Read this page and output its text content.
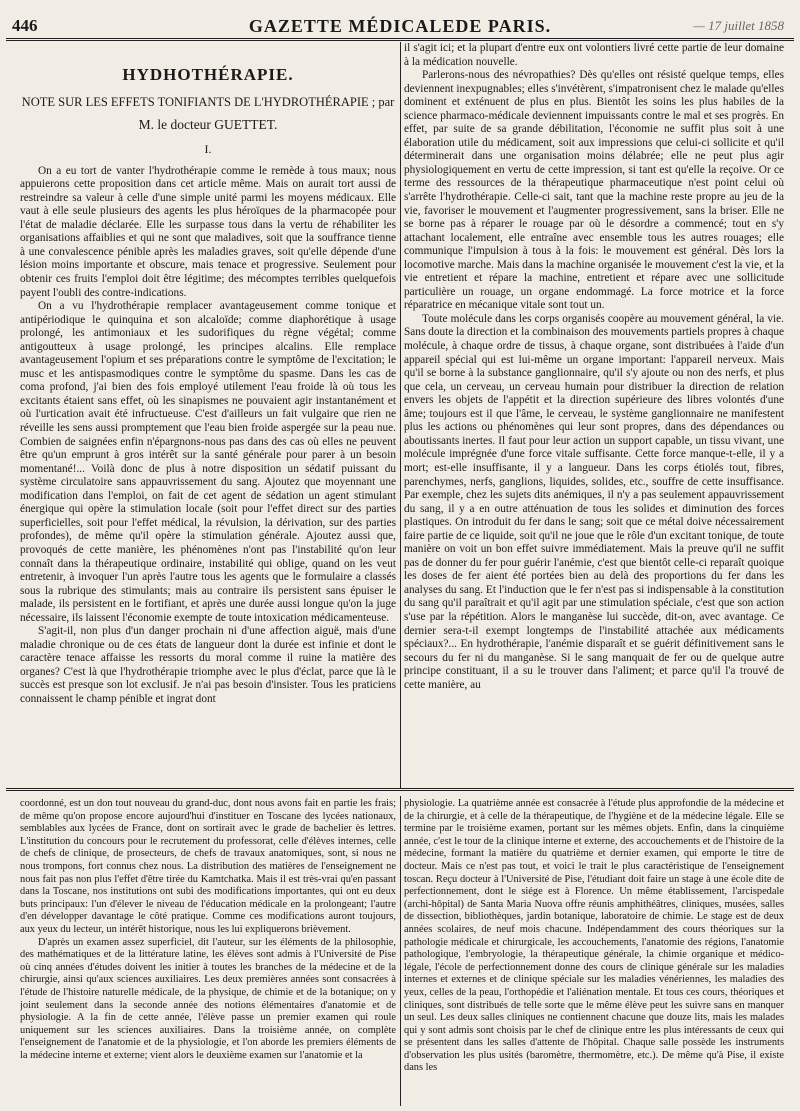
446	GAZETTE MÉDICALEDE PARIS.	— 17 juillet 1858
HYDHOTHÉRAPIE.
NOTE SUR LES EFFETS TONIFIANTS DE L'HYDROTHÉRAPIE ; par
M. le docteur GUETTET.
I.

On a eu tort de vanter l'hydrothérapie comme le remède à tous maux; nous appuierons cette proposition dans cet article même. Mais on aurait tort aussi de restreindre sa valeur à celle d'une simple unité parmi les moyens médicaux. Elle vaut à elle seule plusieurs des agents les plus héroïques de la pharmacopée pour l'état de maladie déclarée. Elle les surpasse tous dans la vertu de réhabiliter les organisations affaiblies et qui ne sont que maladives, soit que la souffrance tienne à une convalescence pénible après les maladies graves, soit qu'elle dépende d'une lésion moins importante et obscure, mais tenace et progressive. Seulement pour obtenir ces fruits l'emploi doit être légitime; des mécomptes terribles quelquefois payent l'oubli des contre-indications.

On a vu l'hydrothérapie remplacer avantageusement comme tonique et antipériodique le quinquina et son alcaloïde; comme diaphorétique à usage prolongé, les antimoniaux et les sudorifiques du règne végétal; comme antigoutteux à usage prolongé, les principes alcalins. Elle remplace avantageusement l'opium et ses préparations contre le symptôme de l'excitation; le musc et les antispasmodiques contre le symptôme du spasme. Dans les cas de coma profond, j'ai bien des fois employé utilement l'eau froide là où tous les excitants étaient sans effet, où les sinapismes ne pouvaient agir instantanément et où l'urtication avait été infructueuse. C'est d'ailleurs un fait vulgaire que rien ne réveille les sens aussi promptement que l'eau bien froide aspergée sur la peau nue. Combien de saignées enfin n'épargnons-nous pas dans des cas où elles ne peuvent être qu'un emprunt à gros intérêt sur la santé générale pour parer à un besoin momentané!... Voilà donc de plus à notre disposition un sédatif puissant du système circulatoire sans appauvrissement du sang. Ajoutez que moyennant une modification dans l'emploi, on fait de cet agent de sédation un agent stimulant énergique qui opère la stimulation locale (soit pour l'effet direct sur des parties superficielles, soit pour l'effet médical, la révulsion, la dérivation, sur des parties profondes), de même qu'il opère la stimulation générale. Ajoutez aussi que, provoqués de cette manière, les phénomènes n'ont pas l'instabilité qu'on leur connaît dans la thérapeutique ordinaire, instabilité qui oblige, quand on les veut entretenir, à invoquer l'un après l'autre tous les agents que le formulaire a classés sous la rubrique des stimulants; mais au contraire ils persistent sans épuiser le malade, ils persistent en le fortifiant, et après une durée aussi longue qu'on la juge nécessaire, ils laissent l'économie exempte de toute intoxication médicamenteuse.

S'agit-il, non plus d'un danger prochain ni d'une affection aiguë, mais d'une maladie chronique ou de ces états de langueur dont la durée est infinie et dont le caractère tenace affaisse les ressorts du moral comme il ruine la matière des organes? C'est là que l'hydrothérapie triomphe avec le plus d'éclat, parce que là le succès est presque son lot exclusif. Je n'ai pas besoin d'insister. Tous les praticiens connaissent le champ pénible et ingrat dont

il s'agit ici; et la plupart d'entre eux ont volontiers livré cette partie de leur domaine à la médication nouvelle.

Parlerons-nous des névropathies? Dès qu'elles ont résisté quelque temps, elles deviennent inexpugnables; elles s'invétèrent, s'impatronisent chez le malade qu'elles dominent et exténuent de plus en plus. Bientôt les soins les plus habiles de la science pharmaco-médicale deviennent impuissants contre le mal et ses progrès. En effet, par suite de sa grande débilitation, l'économie ne suffit plus soit à une élaboration utile du médicament, soit aux impressions que celui-ci sollicite et qu'il déterminerait dans une organisation moins délabrée; elle ne peut plus agir physiologiquement en vertu de cette impression, si tant est qu'elle la reçoive. Or ce terme des ressources de la thérapeutique pharmaceutique n'est point celui où s'arrête l'hydrothérapie. Celle-ci sait, tant que la machine reste propre au jeu de la vie, favoriser le mouvement et l'augmenter progressivement, sans la briser. Elle ne se borne pas à réparer le rouage par où le désordre a commencé; tout en s'y attachant localement, elle entraîne avec ensemble tous les autres rouages; elle communique l'impulsion à tous à la fois: le mouvement est général. Dès lors la locomotive marche. Mais dans la machine organisée le mouvement c'est la vie, et la vie entretient et répare la machine, entretient et répare avec une sollicitude particulière un rouage, un organe endommagé. La force motrice et la force réparatrice en mécanique vitale sont tout un.

Toute molécule dans les corps organisés coopère au mouvement général, la vie. Sans doute la direction et la combinaison des mouvements partiels propres à chaque molécule, à chaque ordre de tissus, à chaque organe, sont distribuées à l'aide d'un appareil spécial qui est lui-même un organe important: l'appareil nerveux. Mais qu'il se borne à la substance ganglionnaire, qu'il s'y ajoute ou non des nerfs, et plus que cela, un cerveau, un cerveau humain pour distribuer la direction de relation envers les objets de l'appétit et la direction supérieure des libres volontés d'une âme; toujours est il que l'âme, le cerveau, le système ganglionnaire ne manifestent plus les actions ou phénomènes qui leur sont propres, dans des dépendances ou aboutissants inertes. Il faut pour leur action un support capable, un tissu vivant, une molécule imprégnée d'une force vitale suffisante. Cette force manque-t-elle, il y a mort; est-elle insuffisante, il y a langueur. Dans les corps étiolés tout, fibres, parenchymes, nerfs, ganglions, liquides, solides, etc., souffre de cette insuffisance. Par exemple, chez les sujets dits anémiques, il n'y a pas seulement appauvrissement du sang, il y a en outre atténuation de tous les solides et diminution des forces plastiques. On introduit du fer dans le sang; soit que ce métal doive nécessairement faire partie de ce liquide, soit qu'il ne joue que le rôle d'un excitant tonique, de toute manière on voit un bon effet suivre immédiatement. Mais la preuve qu'il ne suffit pas de donner du fer pour guérir l'anémie, c'est que bientôt celle-ci reparaît quoique les doses de fer aient été portées bien au delà des proportions du fer dans les analyses du sang. Et l'induction que le fer n'est pas si indispensable à la constitution du sang qu'il paraîtrait et qu'il agit par une stimulation spéciale, c'est que son action s'use par la répétition. Alors le manganèse lui succède, dit-on, avec avantage. Ce dernier sera-t-il exempt longtemps de l'instabilité attachée aux médicaments spéciaux?... En hydrothérapie, l'anémie disparaît et se guérit définitivement sans le secours du fer ni du manganèse. Si le sang manquait de fer ou de quelque autre principe constituant, il a su le trouver dans l'aliment; et parce qu'il l'a trouvé de cette manière, au

coordonné, est un don tout nouveau du grand-duc, dont nous avons fait en partie les frais; de même qu'on propose encore aujourd'hui d'instituer en Toscane des lycées nationaux, semblables aux lycées de France, dont on sortirait avec le grade de bachelier ès lettres. L'institution du concours pour le recrutement du professorat, celle d'élèves internes, celle de chefs de clinique, de prosecteurs, de chefs de travaux anatomiques, sont, si nous ne nous trompons, fort connus chez nous. La distribution des matières de l'enseignement ne nous fait pas non plus l'effet d'être tirée du Kamtchatka. Mais il est très-vrai qu'en passant dans la Toscane, nos institutions ont subi des modifications importantes, qui ont eu deux buts principaux: l'un d'élever le niveau de l'éducation médicale en la prolongeant; l'autre d'en développer davantage le côté pratique. Comme ces modifications auront toujours, aux yeux du lecteur, un intérêt historique, nous les lui expliquerons brièvement.

D'après un examen assez superficiel, dit l'auteur, sur les éléments de la philosophie, des mathématiques et de la littérature latine, les élèves sont admis à l'Université de Pise où cinq années d'études doivent les initier à toutes les branches de la médecine et de la chirurgie, ainsi qu'aux sciences auxiliaires. Les deux premières années sont consacrées à l'étude de l'histoire naturelle médicale, de la physique, de chimie et de la botanique; on y joint seulement dans la seconde année des notions élémentaires d'anatomie et de physiologie. A la fin de cette année, l'élève passe un premier examen qui roule uniquement sur les sciences auxiliaires. Dans la troisième année, on complète l'enseignement de l'anatomie et de la physiologie, et l'on aborde les premiers éléments de la médecine interne et externe; vient alors le deuxième examen sur l'anatomie et la

physiologie. La quatrième année est consacrée à l'étude plus approfondie de la médecine et de la chirurgie, et à celle de la thérapeutique, de l'hygiène et de la médecine légale. Elle se termine par le troisième examen, portant sur les mêmes objets. Enfin, dans la cinquième année, c'est le tour de la clinique interne et externe, des accouchements et de l'histoire de la médecine, formant la matière du quatrième et dernier examen, qui emporte le titre de docteur. Mais ce n'est pas tout, et voici le trait le plus caractéristique de l'enseignement toscan. Reçu docteur à l'Université de Pise, l'étudiant doit faire un stage à une école dite de perfectionnement, dont le siége est à Florence. Un même établissement, l'arcispedale (archi-hôpital) de Santa Maria Nuova offre réunis amphithéâtres, cliniques, musées, salles de dissection, bibliothèques, jardin botanique, laboratoire de chimie. Le stage est de deux années scolaires, de neuf mois chacune. Indépendamment des cours théoriques sur la pathologie médicale et chirurgicale, les accouchements, l'anatomie des régions, l'anatomie pathologique, l'embryologie, la thérapeutique générale, la chimie organique et médico-légale, l'école de perfectionnement donne des cours de clinique générale sur les maladies internes et externes et de clinique spéciale sur les maladies vénériennes, les maladies des yeux, celles de la peau, l'orthopédie et l'aliénation mentale. Et tous ces cours, théoriques et cliniques, sont distribués de telle sorte que le même élève peut les suivre sans en manquer un seul. Les deux salles cliniques ne contiennent chacune que douze lits, mais les malades qui y sont admis sont choisis par le chef de clinique entre les plus intéressants de ceux qui se présentent dans les salles d'attente de l'hôpital. Chaque salle possède les instruments d'observation les plus usités (baromètre, thermomètre, etc.). De même qu'à Pise, il existe dans les
